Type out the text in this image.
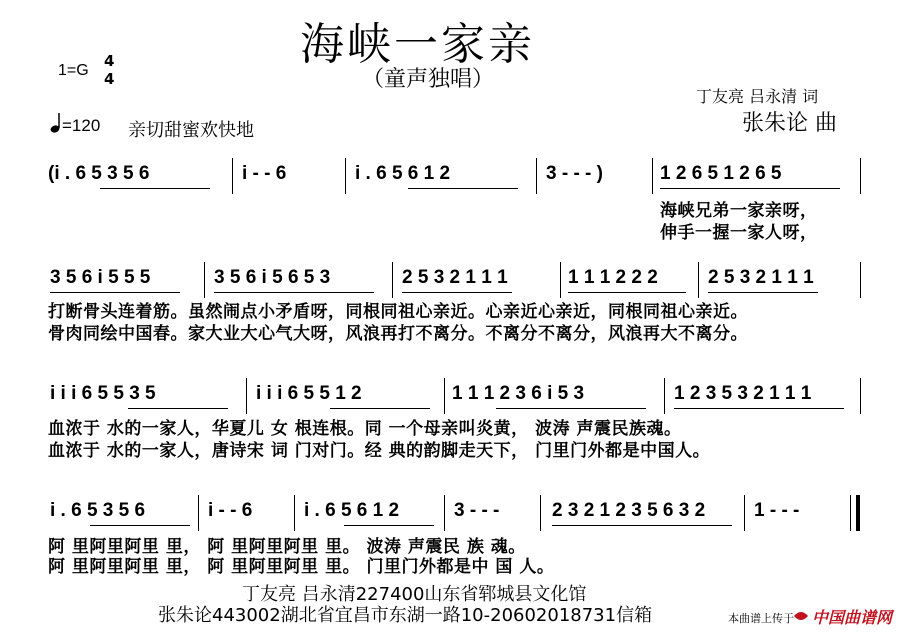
海峡一家亲
（童声独唱）
1=G
4
4
丁友亮 吕永清 词
张朱论 曲
=120 亲切甜蜜欢快地
(i . 6 5 3 5 6	i - - 6	i . 6 5 6 1 2	3 - - - )	1 2 6 5 1 2 6 5
海峡兄弟一家亲呀，
伸手一握一家人呀，
3 5 6 i 5 5 5	3 5 6 i 5 6 5 3	2 5 3 2 1 1 1	1 1 1 2 2 2	2 5 3 2 1 1 1
打断骨头连着筋。虽然闹点小矛盾呀，同根同祖心亲近。心亲近心亲近，同根同祖心亲近。
骨肉同绘中国春。家大业大心气大呀，风浪再打不离分。不离分不离分，风浪再大不离分。
i i i 6 5 5 3 5	i i i 6 5 5 1 2	1 1 1 2 3 6 i 5 3	1 2 3 5 3 2 1 1 1
血浓于 水的一家人，华夏儿 女 根连根。同 一个母亲叫炎黄， 波涛 声震民族魂。
血浓于 水的一家人，唐诗宋 词 门对门。经 典的韵脚走天下， 门里门外都是中国人。
i . 6 5 3 5 6	i - - 6	i . 6 5 6 1 2	3 - - -	2 3 2 1 2 3 5 6 3 2	1 - - -
阿 里阿里阿里 里， 阿 里阿里阿里 里。 波涛 声震民 族 魂。
阿 里阿里阿里 里， 阿 里阿里阿里 里。 门里门外都是中 国 人。
丁友亮 吕永清227400山东省郓城县文化馆
张朱论443002湖北省宜昌市东湖一路10-20602018731信箱	本曲谱上传于 中国曲谱网
